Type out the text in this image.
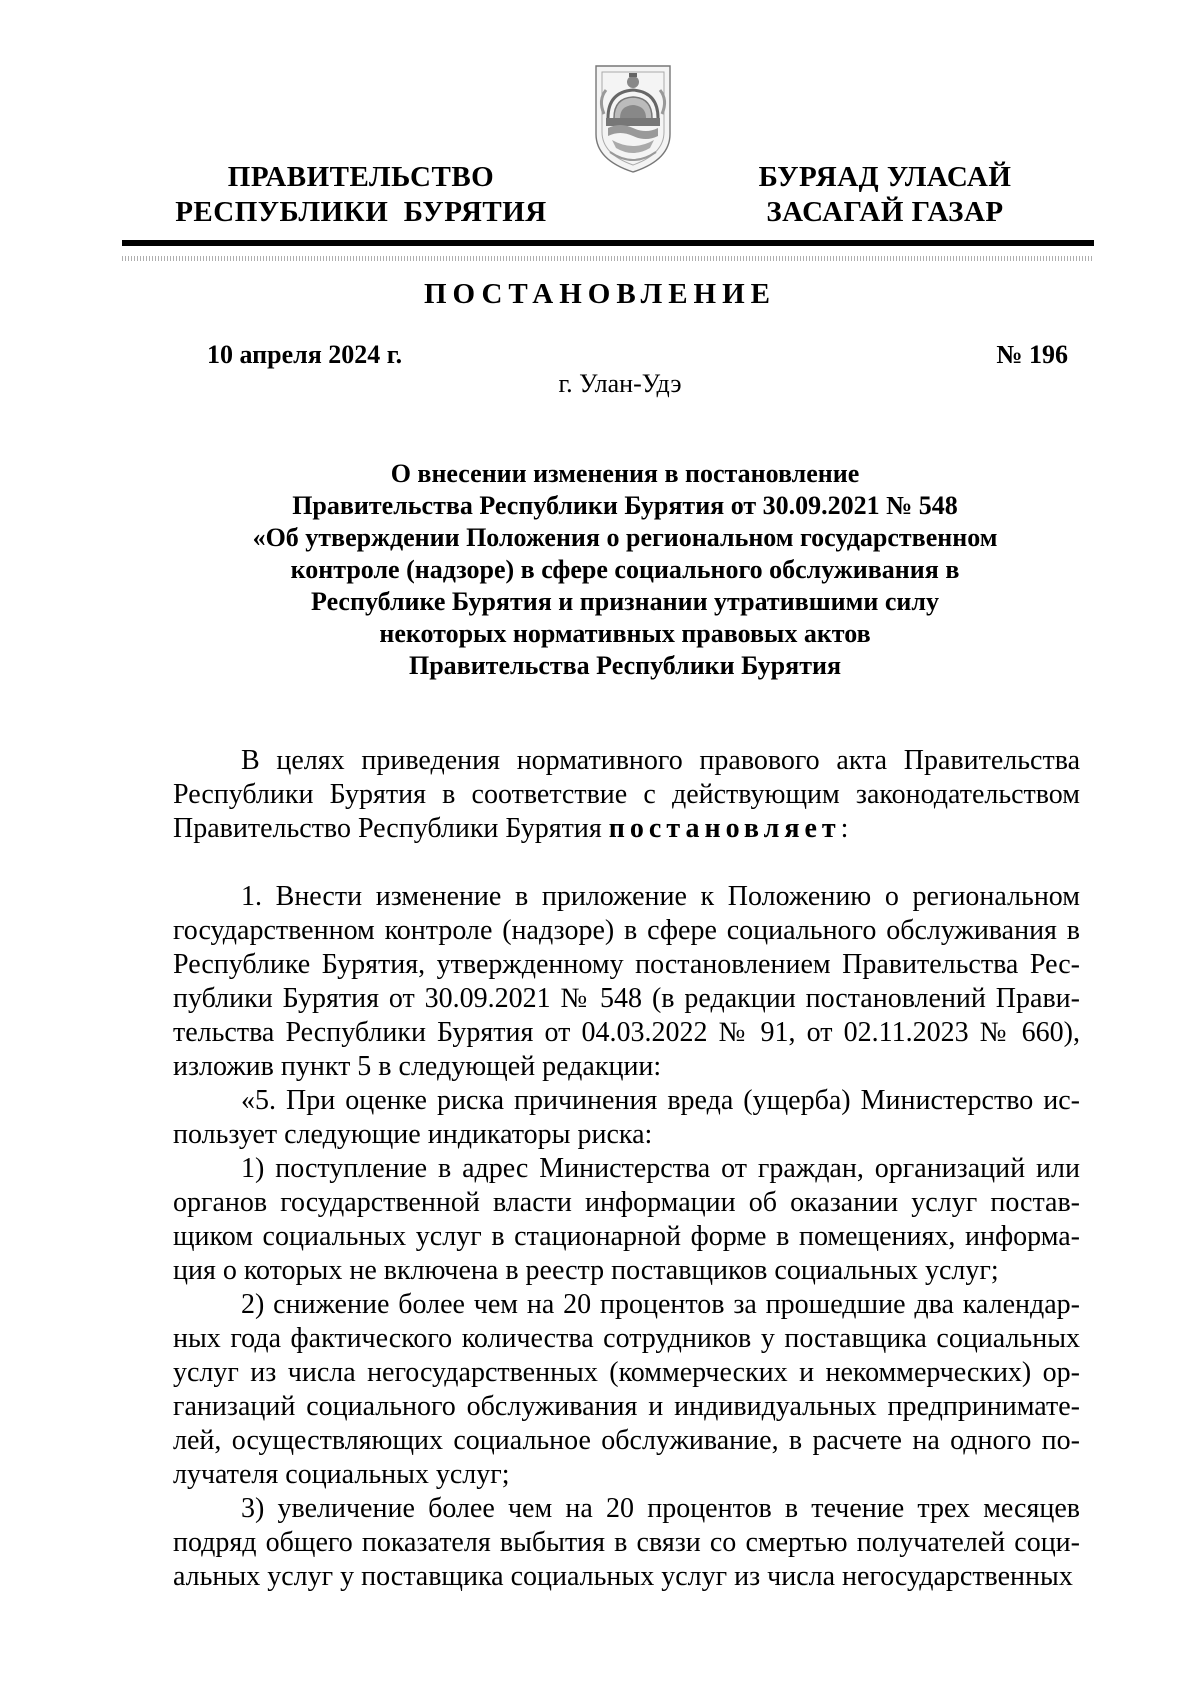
ПРАВИТЕЛЬСТВО
РЕСПУБЛИКИ  БУРЯТИЯ
БУРЯАД УЛАСАЙ
ЗАСАГАЙ ГАЗАР
ПОСТАНОВЛЕНИЕ
10 апреля 2024 г.	№ 196
г. Улан-Удэ
О внесении изменения в постановление
Правительства Республики Бурятия от 30.09.2021 № 548
«Об утверждении Положения о региональном государственном
контроле (надзоре) в сфере социального обслуживания в
Республике Бурятия и признании утратившими силу
некоторых нормативных правовых актов
Правительства Республики Бурятия

В целях приведения нормативного правового акта Правительства Республики Бурятия в соответствие с действующим законодательством Правительство Республики Бурятия постановляет:

1. Внести изменение в приложение к Положению о региональном государственном контроле (надзоре) в сфере социального обслуживания в Республике Бурятия, утвержденному постановлением Правительства Республики Бурятия от 30.09.2021 № 548 (в редакции постановлений Правительства Республики Бурятия от 04.03.2022 № 91, от 02.11.2023 № 660), изложив пункт 5 в следующей редакции:

«5. При оценке риска причинения вреда (ущерба) Министерство использует следующие индикаторы риска:

1) поступление в адрес Министерства от граждан, организаций или органов государственной власти информации об оказании услуг поставщиком социальных услуг в стационарной форме в помещениях, информация о которых не включена в реестр поставщиков социальных услуг;

2) снижение более чем на 20 процентов за прошедшие два календарных года фактического количества сотрудников у поставщика социальных услуг из числа негосударственных (коммерческих и некоммерческих) организаций социального обслуживания и индивидуальных предпринимателей, осуществляющих социальное обслуживание, в расчете на одного получателя социальных услуг;

3) увеличение более чем на 20 процентов в течение трех месяцев подряд общего показателя выбытия в связи со смертью получателей социальных услуг у поставщика социальных услуг из числа негосударственных
